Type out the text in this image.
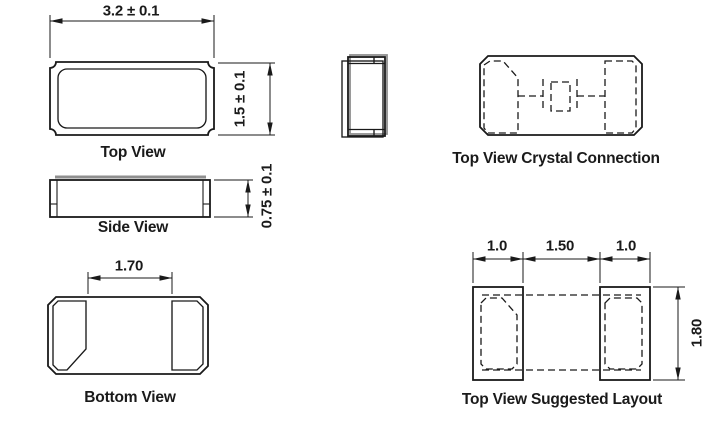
3.2 ± 0.1
1.5 ± 0.1
0.75 ± 0.1
1.70
1.0	1.50	1.0
1.80
Top View
Side View
Bottom View
Top View Crystal Connection
Top View Suggested Layout
